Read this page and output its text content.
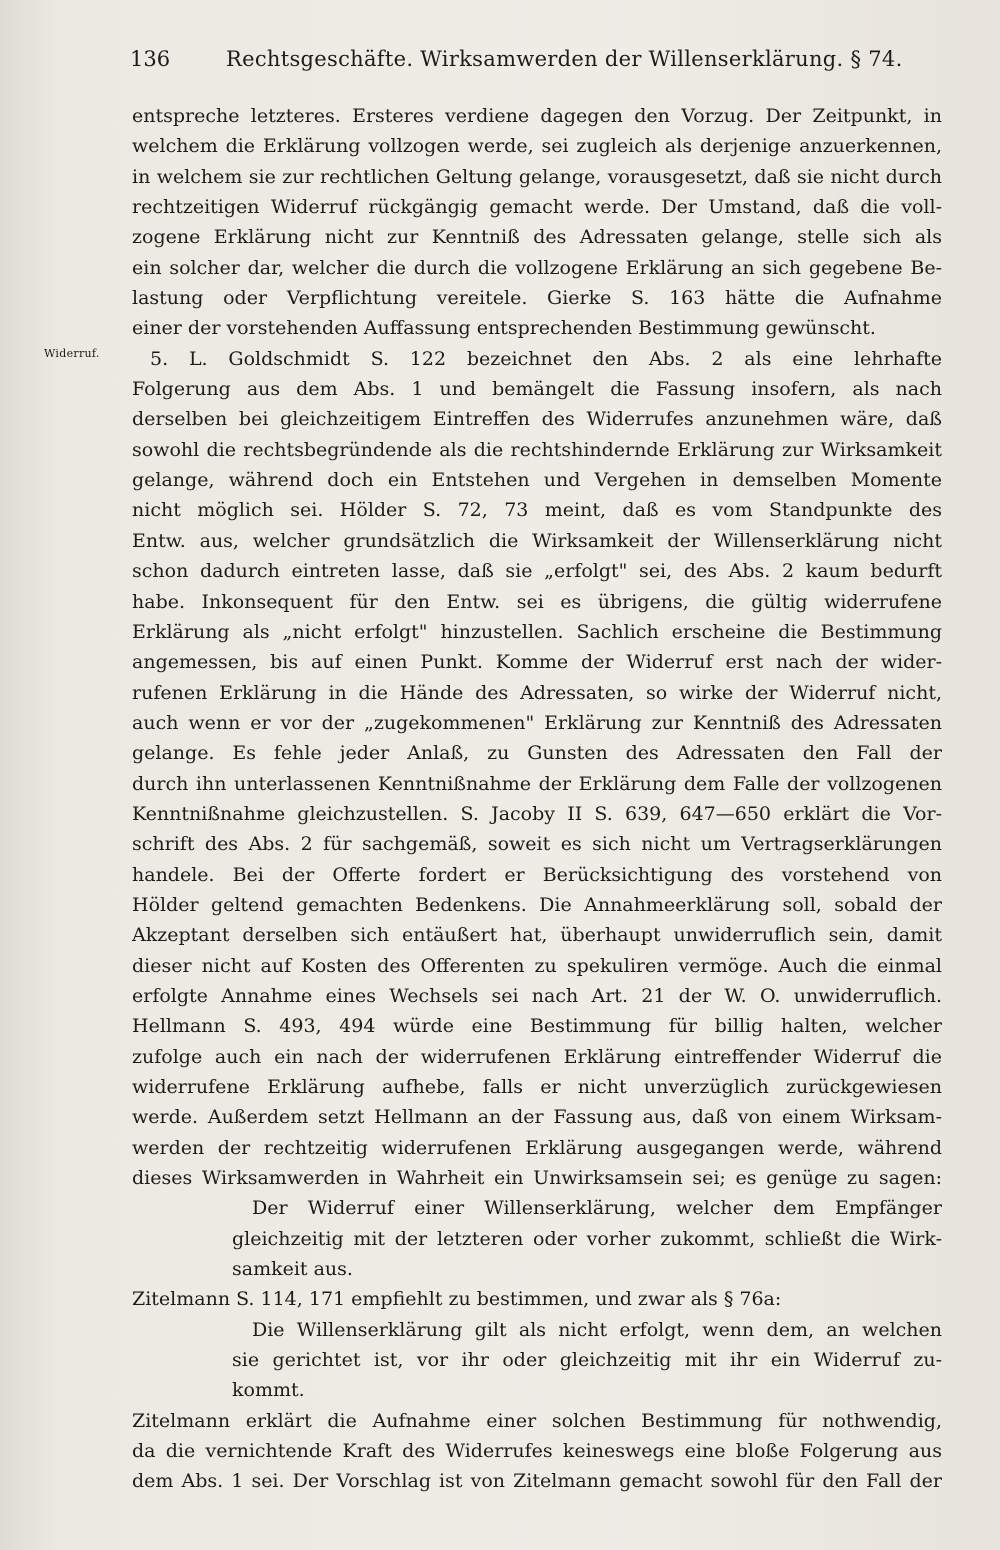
136	Rechtsgeschäfte. Wirksamwerden der Willenserklärung. § 74.
Widerruf.
entspreche letzteres. Ersteres verdiene dagegen den Vorzug. Der Zeitpunkt, in
welchem die Erklärung vollzogen werde, sei zugleich als derjenige anzuerkennen,
in welchem sie zur rechtlichen Geltung gelange, vorausgesetzt, daß sie nicht durch
rechtzeitigen Widerruf rückgängig gemacht werde. Der Umstand, daß die voll-
zogene Erklärung nicht zur Kenntniß des Adressaten gelange, stelle sich als
ein solcher dar, welcher die durch die vollzogene Erklärung an sich gegebene Be-
lastung oder Verpflichtung vereitele. Gierke S. 163 hätte die Aufnahme
einer der vorstehenden Auffassung entsprechenden Bestimmung gewünscht.
5. L. Goldschmidt S. 122 bezeichnet den Abs. 2 als eine lehrhafte
Folgerung aus dem Abs. 1 und bemängelt die Fassung insofern, als nach
derselben bei gleichzeitigem Eintreffen des Widerrufes anzunehmen wäre, daß
sowohl die rechtsbegründende als die rechtshindernde Erklärung zur Wirksamkeit
gelange, während doch ein Entstehen und Vergehen in demselben Momente
nicht möglich sei. Hölder S. 72, 73 meint, daß es vom Standpunkte des
Entw. aus, welcher grundsätzlich die Wirksamkeit der Willenserklärung nicht
schon dadurch eintreten lasse, daß sie „erfolgt" sei, des Abs. 2 kaum bedurft
habe. Inkonsequent für den Entw. sei es übrigens, die gültig widerrufene
Erklärung als „nicht erfolgt" hinzustellen. Sachlich erscheine die Bestimmung
angemessen, bis auf einen Punkt. Komme der Widerruf erst nach der wider-
rufenen Erklärung in die Hände des Adressaten, so wirke der Widerruf nicht,
auch wenn er vor der „zugekommenen" Erklärung zur Kenntniß des Adressaten
gelange. Es fehle jeder Anlaß, zu Gunsten des Adressaten den Fall der
durch ihn unterlassenen Kenntnißnahme der Erklärung dem Falle der vollzogenen
Kenntnißnahme gleichzustellen. S. Jacoby II S. 639, 647—650 erklärt die Vor-
schrift des Abs. 2 für sachgemäß, soweit es sich nicht um Vertragserklärungen
handele. Bei der Offerte fordert er Berücksichtigung des vorstehend von
Hölder geltend gemachten Bedenkens. Die Annahmeerklärung soll, sobald der
Akzeptant derselben sich entäußert hat, überhaupt unwiderruflich sein, damit
dieser nicht auf Kosten des Offerenten zu spekuliren vermöge. Auch die einmal
erfolgte Annahme eines Wechsels sei nach Art. 21 der W. O. unwiderruflich.
Hellmann S. 493, 494 würde eine Bestimmung für billig halten, welcher
zufolge auch ein nach der widerrufenen Erklärung eintreffender Widerruf die
widerrufene Erklärung aufhebe, falls er nicht unverzüglich zurückgewiesen
werde. Außerdem setzt Hellmann an der Fassung aus, daß von einem Wirksam-
werden der rechtzeitig widerrufenen Erklärung ausgegangen werde, während
dieses Wirksamwerden in Wahrheit ein Unwirksamsein sei; es genüge zu sagen:
Der Widerruf einer Willenserklärung, welcher dem Empfänger
gleichzeitig mit der letzteren oder vorher zukommt, schließt die Wirk-
samkeit aus.
Zitelmann S. 114, 171 empfiehlt zu bestimmen, und zwar als § 76a:
Die Willenserklärung gilt als nicht erfolgt, wenn dem, an welchen
sie gerichtet ist, vor ihr oder gleichzeitig mit ihr ein Widerruf zu-
kommt.
Zitelmann erklärt die Aufnahme einer solchen Bestimmung für nothwendig,
da die vernichtende Kraft des Widerrufes keineswegs eine bloße Folgerung aus
dem Abs. 1 sei. Der Vorschlag ist von Zitelmann gemacht sowohl für den Fall der
